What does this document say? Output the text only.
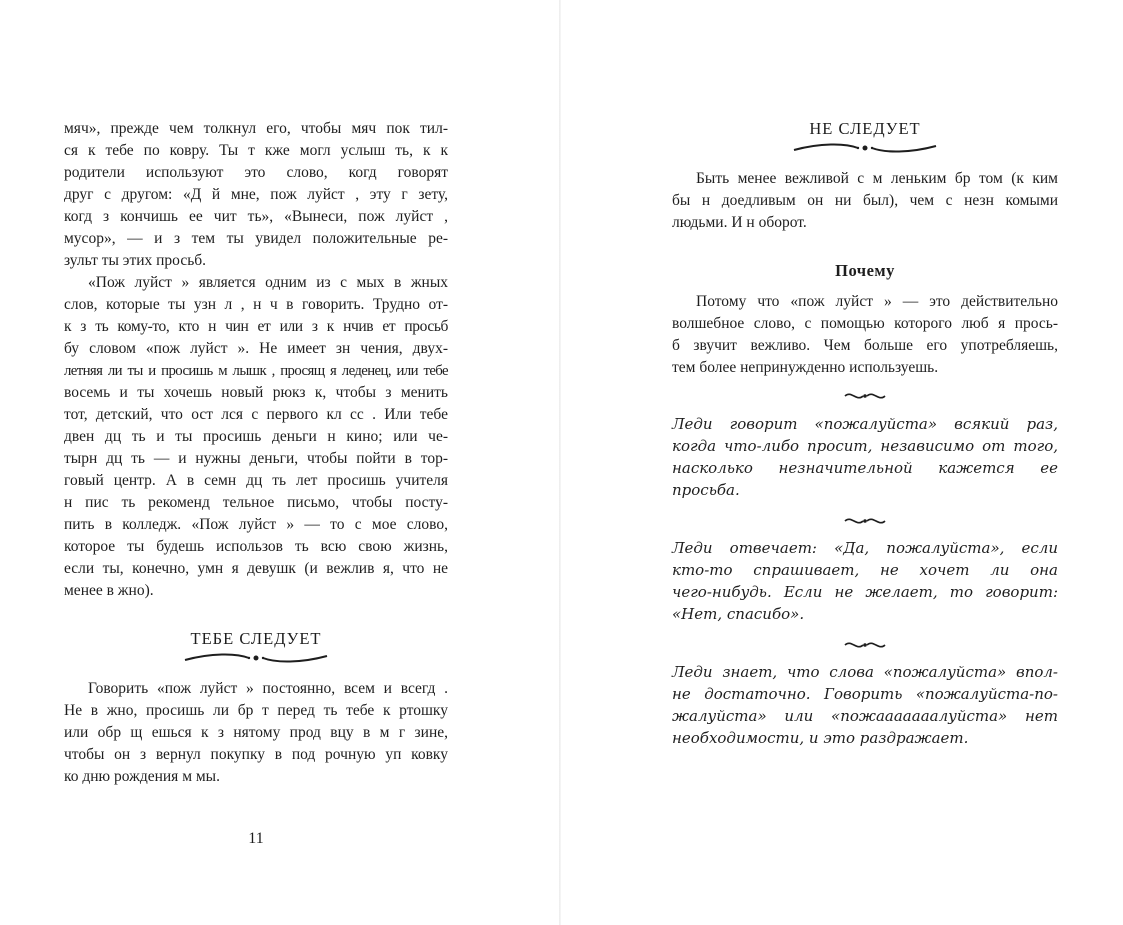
мяч», прежде чем толкнул его, чтобы мяч пок тил-
ся к тебе по ковру. Ты т кже могл услыш ть, к к
родители используют это слово, когд говорят
друг с другом: «Д й мне, пож луйст , эту г зету,
когд з кончишь ее чит ть», «Вынеси, пож луйст ,
мусор», — и з тем ты увидел положительные ре-
зульт ты этих просьб.
«Пож луйст » является одним из с мых в жных
слов, которые ты узн л , н ч в говорить. Трудно от-
к з ть кому-то, кто н чин ет или з к нчив ет просьб
бу словом «пож луйст ». Не имеет зн чения, двух-
летняя ли ты и просишь м лышк , просящ я леденец, или тебе
восемь и ты хочешь новый рюкз к, чтобы з менить
тот, детский, что ост лся с первого кл сс . Или тебе
двен дц ть и ты просишь деньги н кино; или че-
тырн дц ть — и нужны деньги, чтобы пойти в тор-
говый центр. А в семн дц ть лет просишь учителя
н пис ть рекоменд тельное письмо, чтобы посту-
пить в колледж. «Пож луйст » — то с мое слово,
которое ты будешь использов ть всю свою жизнь,
если ты, конечно, умн я девушк (и вежлив я, что не
менее в жно).
ТЕБЕ СЛЕДУЕТ
Говорить «пож луйст » постоянно, всем и всегд .
Не в жно, просишь ли бр т перед ть тебе к ртошку
или обр щ ешься к з нятому прод вцу в м г зине,
чтобы он з вернул покупку в под рочную уп ковку
ко дню рождения м мы.
11
НЕ СЛЕДУЕТ
Быть менее вежливой с м леньким бр том (к ким
бы н доедливым он ни был), чем с незн комыми
людьми. И н оборот.
Почему
Потому что «пож луйст » — это действительно
волшебное слово, с помощью которого люб я прось-
б звучит вежливо. Чем больше его употребляешь,
тем более непринужденно используешь.
Леди говорит «пожалуйста» всякий раз,
когда что-либо просит, независимо от того,
насколько незначительной кажется ее
просьба.
Леди отвечает: «Да, пожалуйста», если
кто-то спрашивает, не хочет ли она
чего-нибудь. Если не желает, то говорит:
«Нет, спасибо».
Леди знает, что слова «пожалуйста» впол-
не достаточно. Говорить «пожалуйста-по-
жалуйста» или «пожааааааалуйста» нет
необходимости, и это раздражает.
